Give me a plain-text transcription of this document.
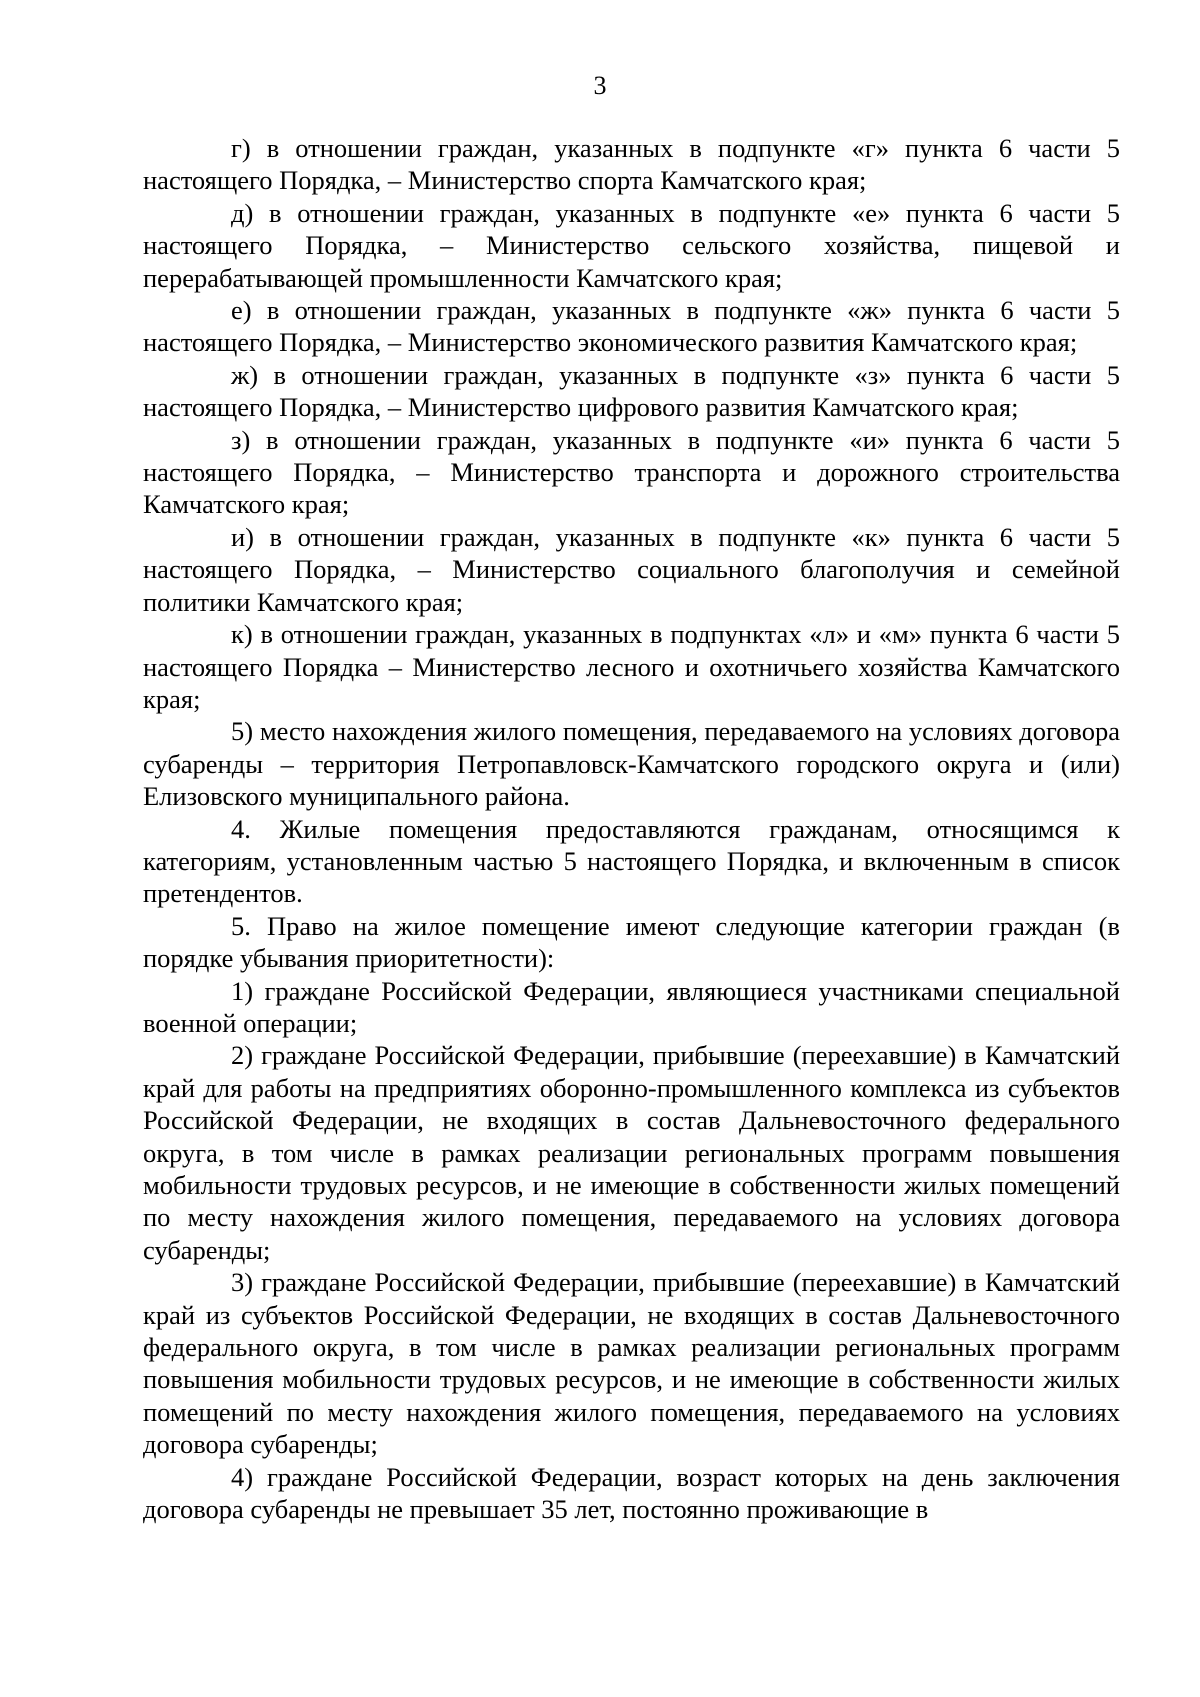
3

г) в отношении граждан, указанных в подпункте «г» пункта 6 части 5 настоящего Порядка, – Министерство спорта Камчатского края;

д) в отношении граждан, указанных в подпункте «е» пункта 6 части 5 настоящего Порядка, – Министерство сельского хозяйства, пищевой и перерабатывающей промышленности Камчатского края;

е) в отношении граждан, указанных в подпункте «ж» пункта 6 части 5 настоящего Порядка, – Министерство экономического развития Камчатского края;

ж) в отношении граждан, указанных в подпункте «з» пункта 6 части 5 настоящего Порядка, – Министерство цифрового развития Камчатского края;

з) в отношении граждан, указанных в подпункте «и» пункта 6 части 5 настоящего Порядка, – Министерство транспорта и дорожного строительства Камчатского края;

и) в отношении граждан, указанных в подпункте «к» пункта 6 части 5 настоящего Порядка, – Министерство социального благополучия и семейной политики Камчатского края;

к) в отношении граждан, указанных в подпунктах «л» и «м» пункта 6 части 5 настоящего Порядка – Министерство лесного и охотничьего хозяйства Камчатского края;

5) место нахождения жилого помещения, передаваемого на условиях договора субаренды – территория Петропавловск-Камчатского городского округа и (или) Елизовского муниципального района.

4. Жилые помещения предоставляются гражданам, относящимся к категориям, установленным частью 5 настоящего Порядка, и включенным в список претендентов.

5. Право на жилое помещение имеют следующие категории граждан (в порядке убывания приоритетности):

1) граждане Российской Федерации, являющиеся участниками специальной военной операции;

2) граждане Российской Федерации, прибывшие (переехавшие) в Камчатский край для работы на предприятиях оборонно-промышленного комплекса из субъектов Российской Федерации, не входящих в состав Дальневосточного федерального округа, в том числе в рамках реализации региональных программ повышения мобильности трудовых ресурсов, и не имеющие в собственности жилых помещений по месту нахождения жилого помещения, передаваемого на условиях договора субаренды;

3) граждане Российской Федерации, прибывшие (переехавшие) в Камчатский край из субъектов Российской Федерации, не входящих в состав Дальневосточного федерального округа, в том числе в рамках реализации региональных программ повышения мобильности трудовых ресурсов, и не имеющие в собственности жилых помещений по месту нахождения жилого помещения, передаваемого на условиях договора субаренды;

4) граждане Российской Федерации, возраст которых на день заключения договора субаренды не превышает 35 лет, постоянно проживающие в
